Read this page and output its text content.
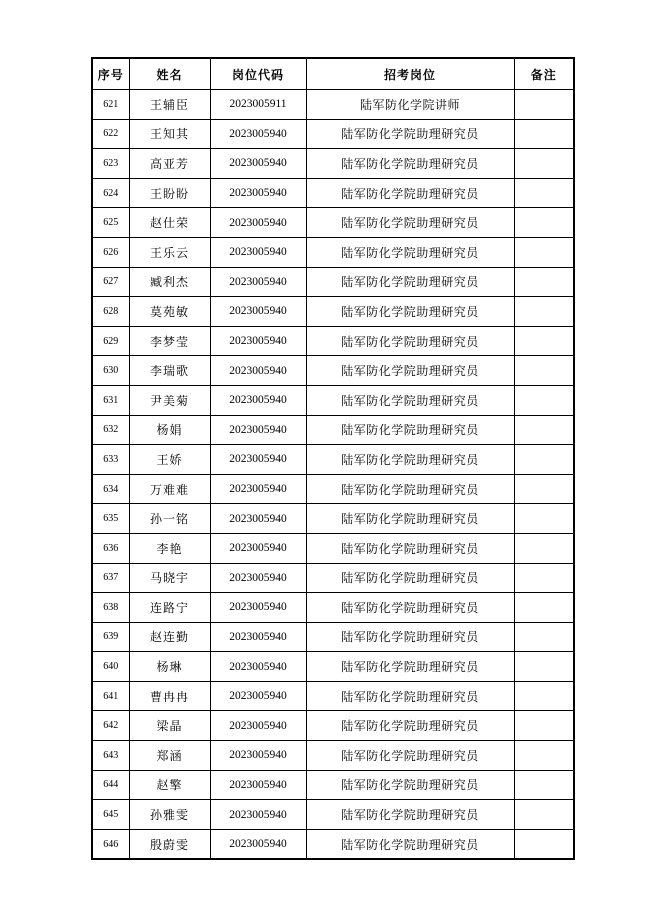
序号	姓名	岗位代码	招考岗位	备注
621	王辅臣	2023005911	陆军防化学院讲师	
622	王知其	2023005940	陆军防化学院助理研究员	
623	高亚芳	2023005940	陆军防化学院助理研究员	
624	王盼盼	2023005940	陆军防化学院助理研究员	
625	赵仕荣	2023005940	陆军防化学院助理研究员	
626	王乐云	2023005940	陆军防化学院助理研究员	
627	臧利杰	2023005940	陆军防化学院助理研究员	
628	莫苑敏	2023005940	陆军防化学院助理研究员	
629	李梦莹	2023005940	陆军防化学院助理研究员	
630	李瑞歌	2023005940	陆军防化学院助理研究员	
631	尹美菊	2023005940	陆军防化学院助理研究员	
632	杨娟	2023005940	陆军防化学院助理研究员	
633	王娇	2023005940	陆军防化学院助理研究员	
634	万难难	2023005940	陆军防化学院助理研究员	
635	孙一铭	2023005940	陆军防化学院助理研究员	
636	李艳	2023005940	陆军防化学院助理研究员	
637	马晓宇	2023005940	陆军防化学院助理研究员	
638	连路宁	2023005940	陆军防化学院助理研究员	
639	赵连勤	2023005940	陆军防化学院助理研究员	
640	杨琳	2023005940	陆军防化学院助理研究员	
641	曹冉冉	2023005940	陆军防化学院助理研究员	
642	梁晶	2023005940	陆军防化学院助理研究员	
643	郑涵	2023005940	陆军防化学院助理研究员	
644	赵擎	2023005940	陆军防化学院助理研究员	
645	孙雅雯	2023005940	陆军防化学院助理研究员	
646	殷蔚雯	2023005940	陆军防化学院助理研究员	
